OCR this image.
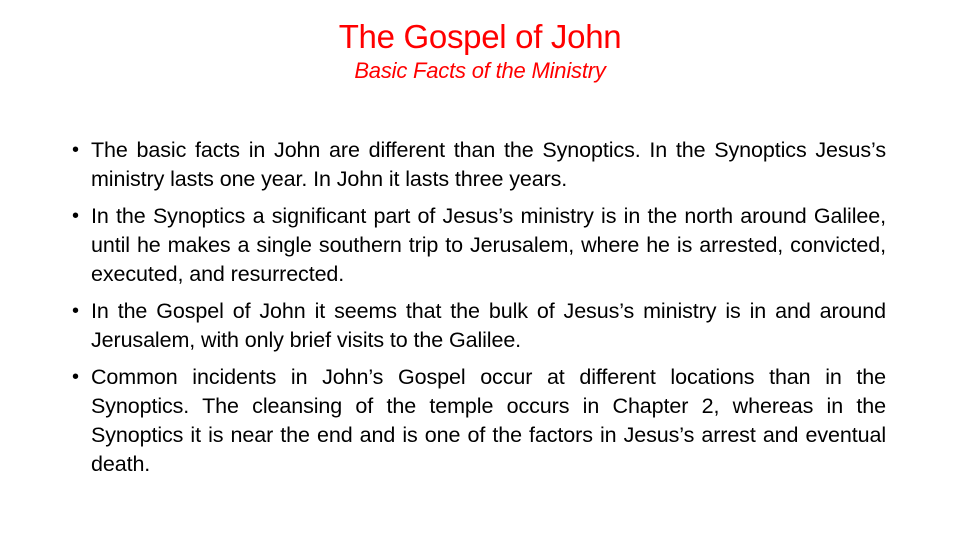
The Gospel of John

Basic Facts of the Ministry

• The basic facts in John are different than the Synoptics. In the Synoptics Jesus’s ministry lasts one year. In John it lasts three years.
• In the Synoptics a significant part of Jesus’s ministry is in the north around Galilee, until he makes a single southern trip to Jerusalem, where he is arrested, convicted, executed, and resurrected.
• In the Gospel of John it seems that the bulk of Jesus’s ministry is in and around Jerusalem, with only brief visits to the Galilee.
• Common incidents in John’s Gospel occur at different locations than in the Synoptics. The cleansing of the temple occurs in Chapter 2, whereas in the Synoptics it is near the end and is one of the factors in Jesus’s arrest and eventual death.
